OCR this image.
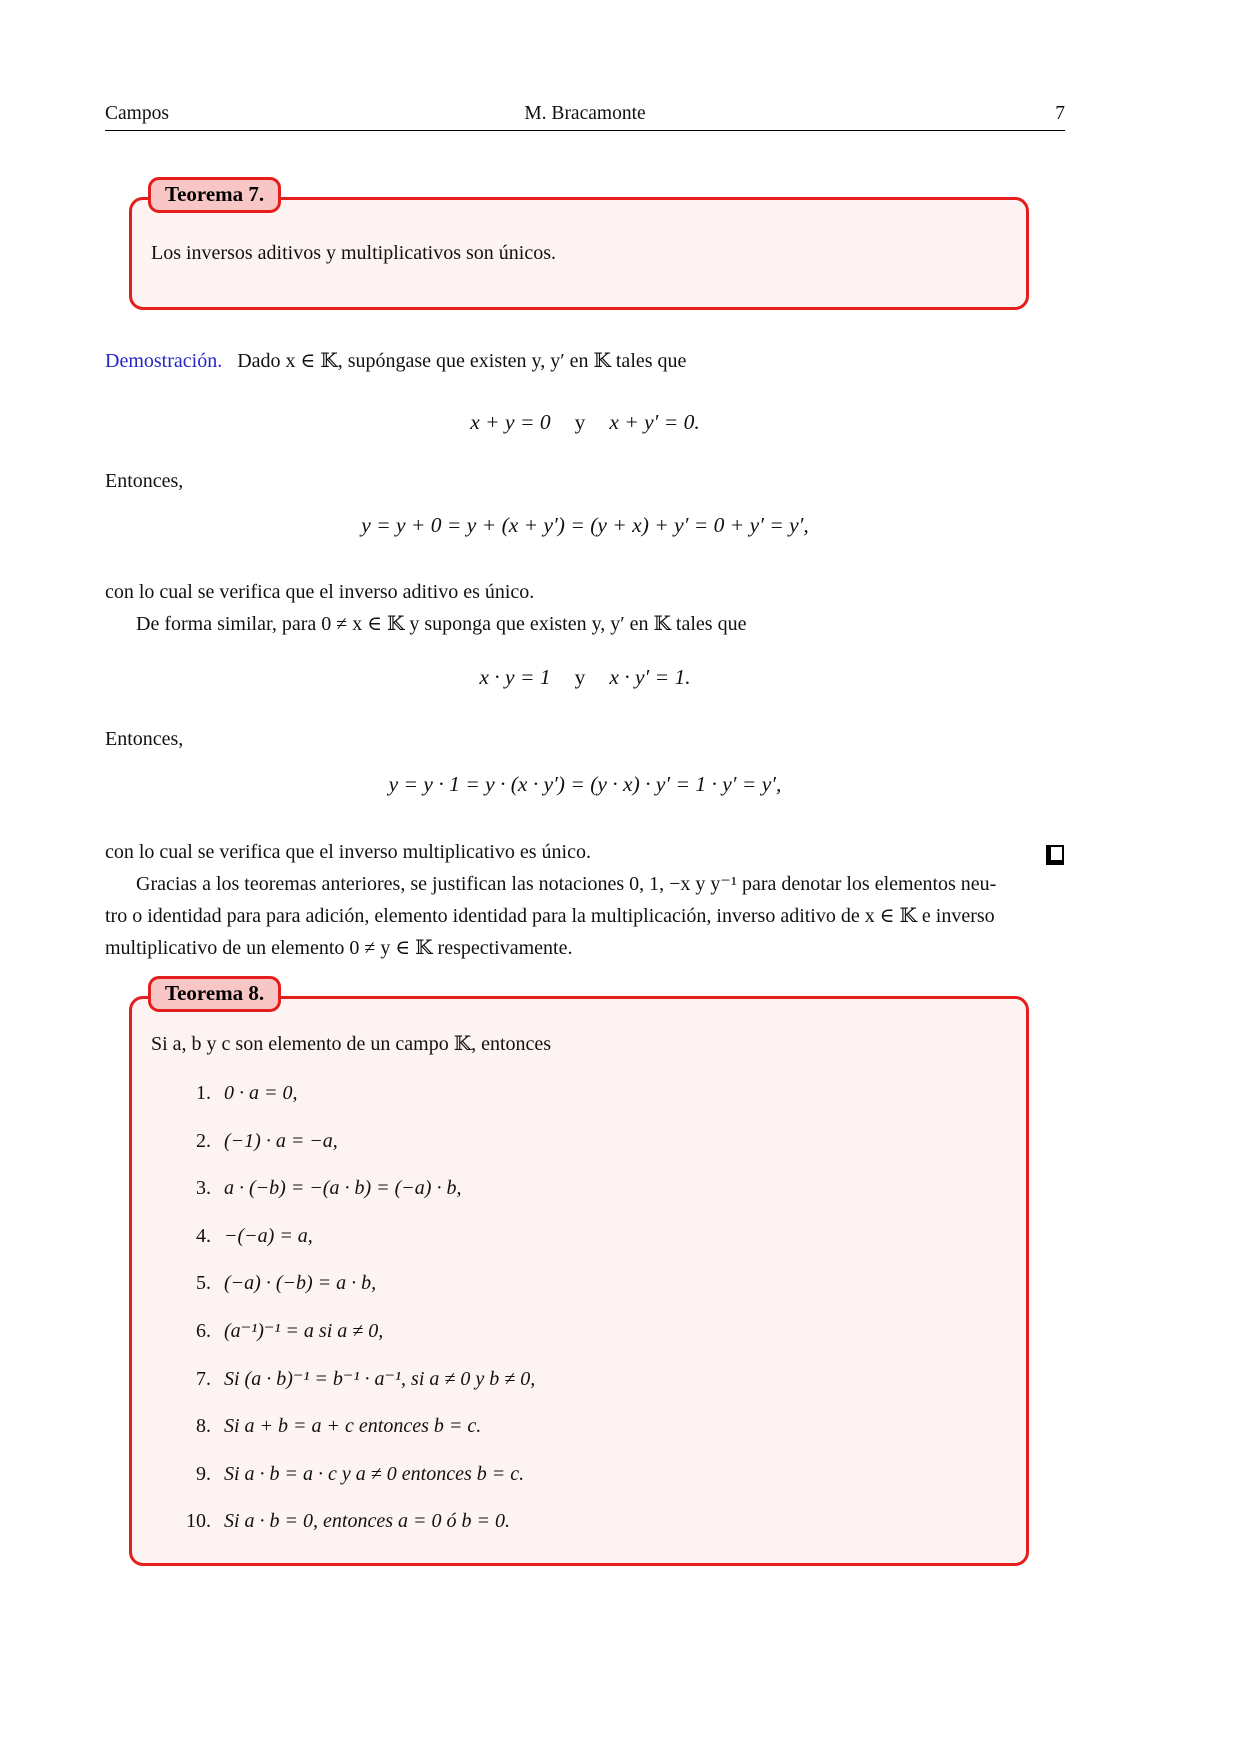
Campos	M. Bracamonte	7
Teorema 7.
Los inversos aditivos y multiplicativos son únicos.
Demostración. Dado x ∈ 𝕂, supóngase que existen y, y′ en 𝕂 tales que
x + y = 0 y x + y′ = 0.
Entonces,
y = y + 0 = y + (x + y′) = (y + x) + y′ = 0 + y′ = y′,
con lo cual se verifica que el inverso aditivo es único.
De forma similar, para 0 ≠ x ∈ 𝕂 y suponga que existen y, y′ en 𝕂 tales que
x · y = 1 y x · y′ = 1.
Entonces,
y = y · 1 = y · (x · y′) = (y · x) · y′ = 1 · y′ = y′,
con lo cual se verifica que el inverso multiplicativo es único.
Gracias a los teoremas anteriores, se justifican las notaciones 0, 1, −x y y⁻¹ para denotar los elementos neu-
tro o identidad para para adición, elemento identidad para la multiplicación, inverso aditivo de x ∈ 𝕂 e inverso
multiplicativo de un elemento 0 ≠ y ∈ 𝕂 respectivamente.
Teorema 8.
Si a, b y c son elemento de un campo 𝕂, entonces
1. 0 · a = 0,
2. (−1) · a = −a,
3. a · (−b) = −(a · b) = (−a) · b,
4. −(−a) = a,
5. (−a) · (−b) = a · b,
6. (a⁻¹)⁻¹ = a si a ≠ 0,
7. Si (a · b)⁻¹ = b⁻¹ · a⁻¹, si a ≠ 0 y b ≠ 0,
8. Si a + b = a + c entonces b = c.
9. Si a · b = a · c y a ≠ 0 entonces b = c.
10. Si a · b = 0, entonces a = 0 ó b = 0.
